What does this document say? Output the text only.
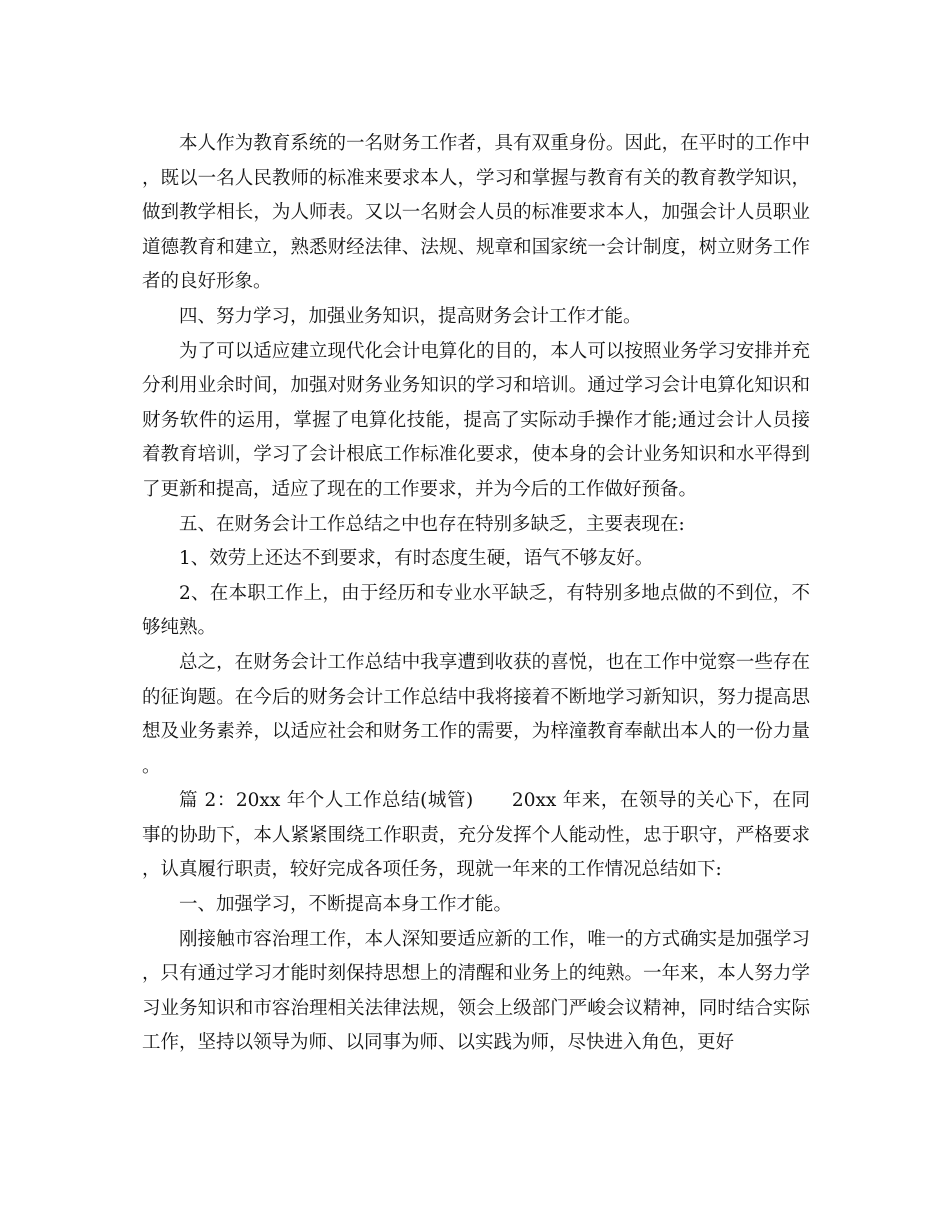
本人作为教育系统的一名财务工作者，具有双重身份。因此，在平时的工作中，既以一名人民教师的标准来要求本人，学习和掌握与教育有关的教育教学知识，做到教学相长，为人师表。又以一名财会人员的标准要求本人，加强会计人员职业道德教育和建立，熟悉财经法律、法规、规章和国家统一会计制度，树立财务工作者的良好形象。

四、努力学习，加强业务知识，提高财务会计工作才能。

为了可以适应建立现代化会计电算化的目的，本人可以按照业务学习安排并充分利用业余时间，加强对财务业务知识的学习和培训。通过学习会计电算化知识和财务软件的运用，掌握了电算化技能，提高了实际动手操作才能;通过会计人员接着教育培训，学习了会计根底工作标准化要求，使本身的会计业务知识和水平得到了更新和提高，适应了现在的工作要求，并为今后的工作做好预备。

五、在财务会计工作总结之中也存在特别多缺乏，主要表现在:

1、效劳上还达不到要求，有时态度生硬，语气不够友好。

2、在本职工作上，由于经历和专业水平缺乏，有特别多地点做的不到位，不够纯熟。

总之，在财务会计工作总结中我享遭到收获的喜悦，也在工作中觉察一些存在的征询题。在今后的财务会计工作总结中我将接着不断地学习新知识，努力提高思想及业务素养，以适应社会和财务工作的需要，为梓潼教育奉献出本人的一份力量。

篇 2：20xx 年个人工作总结(城管)　　20xx 年来，在领导的关心下，在同事的协助下，本人紧紧围绕工作职责，充分发挥个人能动性，忠于职守，严格要求，认真履行职责，较好完成各项任务，现就一年来的工作情况总结如下:

一、加强学习，不断提高本身工作才能。

刚接触市容治理工作，本人深知要适应新的工作，唯一的方式确实是加强学习，只有通过学习才能时刻保持思想上的清醒和业务上的纯熟。一年来，本人努力学习业务知识和市容治理相关法律法规，领会上级部门严峻会议精神，同时结合实际工作，坚持以领导为师、以同事为师、以实践为师，尽快进入角色，更好
